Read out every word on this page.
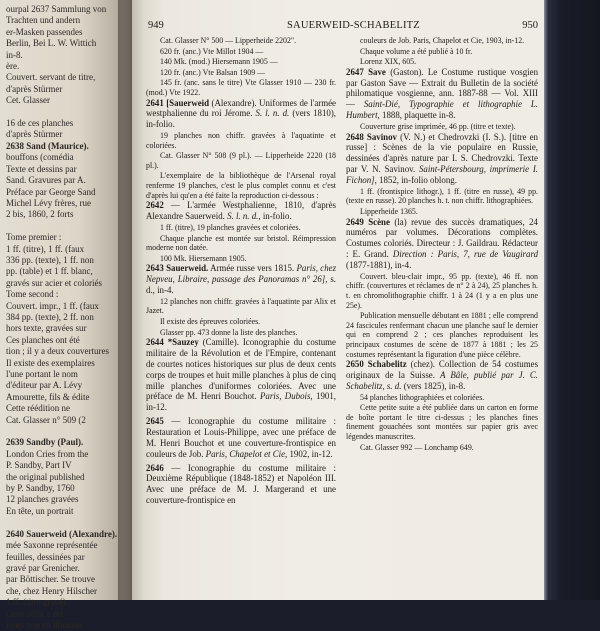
ourpal 2637 Sammlung von
Trachten und andern
er-Masken passendes
Berlin, Bei L. W. Wittich
in-8.
ère.
Couvert. servant de titre,
d'après Stürmer
Cet. Glasser

16 de ces planches
d'après Stürmer
2638 Sand (Maurice).
bouffons (comédia
Texte et dessins par
Sand. Gravures par A.
Préface par George Sand
Michel Lévy frères, rue
2 bis, 1860, 2 forts

Tome premier :
1 ff. (titre), 1 ff. (faux
336 pp. (texte), 1 ff. non
pp. (table) et 1 ff. blanc,
gravés sur acier et coloriés
Tome second :
Couvert. impr., 1 ff. (faux
384 pp. (texte), 2 ff. non
hors texte, gravées sur
Ces planches ont été
tion ; il y a deux couvertures
Il existe des exemplaires
l'une portant le nom
d'éditeur par A. Lévy
Amourette, fils & édite
Cette réédition ne
Cat. Glasser n° 509 (2

2639 Sandby (Paul).
London Cries from the
P. Sandby, Part IV
the original published
by P. Sandby, 1760
12 planches gravées
En tête, un portrait

2640 Sauerweid (Alexandre).
mée Saxonne représentée
feuilles, dessinées par
gravé par Grenicher.
par Böttischer. Se trouve
che, chez Henry Hilscher
1 ff. (titre gravé).
Cette série a été
jours non en librairie
949	SAUERWEID-SCHABELITZ	950
Cat. Glasser N° 500 — Lipperheide 2202".
620 fr. (anc.) Vte Millot 1904 —
140 Mk. (mod.) Hiersemann 1905 —
120 fr. (anc.) Vte Balsan 1909 —
145 fr. (anc. sans le titre) Vte Glasser 1910 — 230 fr. (mod.) Vte 1922.
2641 [Sauerweid (Alexandre). Uniformes de l'armée westphalienne du roi Jérome. S. l. n. d. (vers 1810), in-folio.
19 planches non chiffr. gravées à l'aquatinte et coloriées.
Cat. Glasser N° 508 (9 pl.). — Lipperheide 2220 (18 pl.).
L'exemplaire de la bibliothèque de l'Arsenal royal renferme 19 planches, c'est le plus complet connu et c'est d'après lui qu'en a été faite la reproduction ci-dessous :
2642 — L'armée Westphalienne, 1810, d'après Alexandre Sauerweid. S. l. n. d., in-folio.
1 ff. (titre), 19 planches gravées et coloriées.
Chaque planche est montée sur bristol. Réimpression moderne non datée.
100 Mk. Hiersemann 1905.
2643 Sauerweid. Armée russe vers 1815. Paris, chez Nepveu, Libraire, passage des Panoramas n° 26], s. d., in-4.
12 planches non chiffr. gravées à l'aquatinte par Alix et Jazet.
Il existe des épreuves coloriées.
Glasser pp. 473 donne la liste des planches.
2644 *Sauzey (Camille). Iconographie du costume militaire de la Révolution et de l'Empire, contenant de courtes notices historiques sur plus de deux cents corps de troupes et huit mille planches à plus de cinq mille planches d'uniformes coloriées. Avec une préface de M. Henri Bouchot. Paris, Dubois, 1901, in-12.
2645 — Iconographie du costume militaire : Restauration et Louis-Philippe, avec une préface de M. Henri Bouchot et une couverture-frontispice en couleurs de Job. Paris, Chapelot et Cie, 1902, in-12.
2646 — Iconographie du costume militaire : Deuxième République (1848-1852) et Napoléon III. Avec une préface de M. J. Margerand et une couverture-frontispice en
couleurs de Job. Paris, Chapelot et Cie, 1903, in-12.
Chaque volume a été publié à 10 fr.
Lorenz XIX, 605.
2647 Save (Gaston). Le Costume rustique vosgien par Gaston Save — Extrait du Bulletin de la société philomatique vosgienne, ann. 1887-88 — Vol. XIII — Saint-Dié, Typographie et lithographie L. Humbert, 1888, plaquette in-8.
Couverture grise imprimée, 46 pp. (titre et texte).
2648 Savinov (V. N.) et Chedrovzki (I. S.). [titre en russe] : Scènes de la vie populaire en Russie, dessinées d'après nature par I. S. Chedrovzki. Texte par V. N. Savinov. Saint-Pétersbourg, imprimerie I. Fichon], 1852, in-folio oblong.
1 ff. (frontispice lithogr.), 1 ff. (titre en russe), 49 pp. (texte en russe). 20 planches h. t. non chiffr. lithographiées.
Lipperheide 1365.
2649 Scène (la) revue des succès dramatiques, 24 numéros par volumes. Décorations complètes. Costumes coloriés. Directeur : J. Gaildrau. Rédacteur : E. Grand. Direction : Paris, 7, rue de Vaugirard (1877-1881), in-4.
Couvert. bleu-clair impr., 95 pp. (texte), 46 ff. non chiffr. (couvertures et réclames de n° 2 à 24), 25 planches h. t. en chromolithographie chiffr. 1 à 24 (1 y a en plus une 25e).
Publication mensuelle débutant en 1881 ; elle comprend 24 fascicules renfermant chacun une planche sauf le dernier qui en comprend 2 ; ces planches reproduisent les principaux costumes de scène de 1877 à 1881 ; les 25 costumes représentant la figuration d'une pièce célèbre.
2650 Schabelitz (chez). Collection de 54 costumes originaux de la Suisse. A Bâle, publié par J. C. Schabelitz, s. d. (vers 1825), in-8.
54 planches lithographiées et coloriées.
Cette petite suite a été publiée dans un carton en forme de boîte portant le titre ci-dessus ; les planches fines finement gouachées sont montées sur papier gris avec légendes manuscrites.
Cat. Glasser 992 — Lonchamp 649.
